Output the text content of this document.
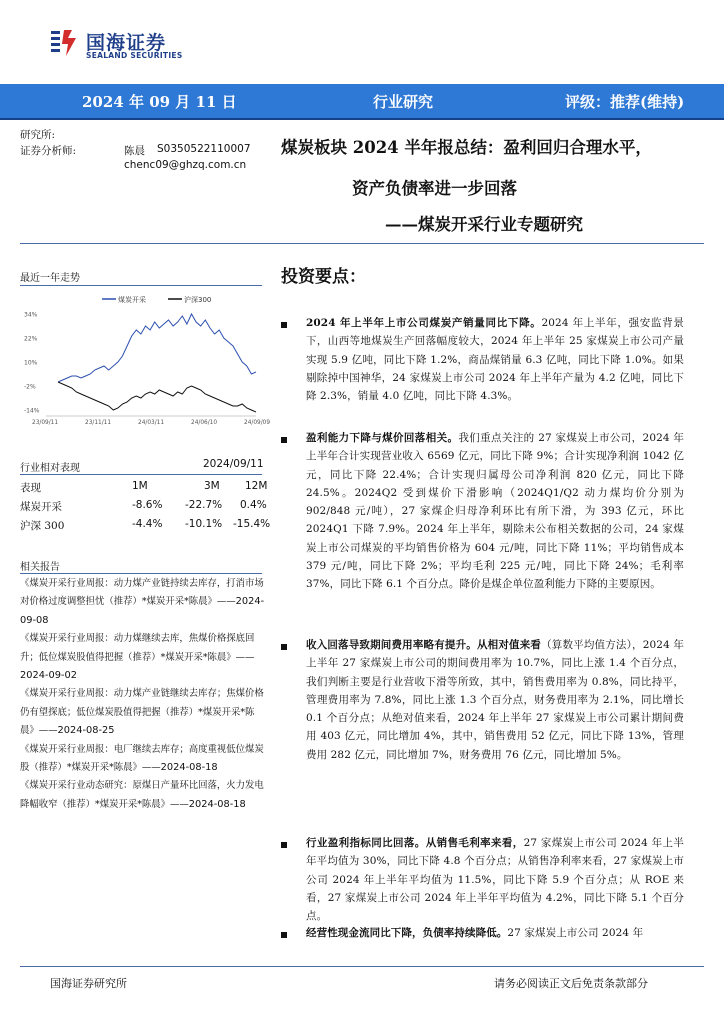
国海证券
SEALAND SECURITIES
2024 年 09 月 11 日	行业研究	评级：推荐(维持)
研究所:
证券分析师:	陈晨 S0350522110007
chenc09@ghzq.com.cn
煤炭板块 2024 半年报总结：盈利回归合理水平，
资产负债率进一步回落
——煤炭开采行业专题研究
最近一年走势
煤炭开采	沪深300
34%
22%
10%
-2%
-14%
23/09/11	23/11/11	24/03/11	24/06/10	24/09/09
行业相对表现	2024/09/11
表现	1M	3M 12M
煤炭开采	-8.6% -22.7% 0.4%
沪深 300	-4.4% -10.1% -15.4%
相关报告

《煤炭开采行业周报：动力煤产业链持续去库存，打消市场对价格过度调整担忧（推荐）*煤炭开采*陈晨》——2024-09-08

《煤炭开采行业周报：动力煤继续去库，焦煤价格探底回升；低位煤炭股值得把握（推荐）*煤炭开采*陈晨》——2024-09-02

《煤炭开采行业周报：动力煤产业链继续去库存；焦煤价格仍有望探底；低位煤炭股值得把握（推荐）*煤炭开采*陈晨》——2024-08-25

《煤炭开采行业周报：电厂继续去库存；高度重视低位煤炭股（推荐）*煤炭开采*陈晨》——2024-08-18

《煤炭开采行业动态研究：原煤日产量环比回落，火力发电降幅收窄（推荐）*煤炭开采*陈晨》——2024-08-18

投资要点：
2024 年上半年上市公司煤炭产销量同比下降。2024 年上半年，强安监背景下，山西等地煤炭生产回落幅度较大，2024 年上半年 25 家煤炭上市公司产量实现 5.9 亿吨，同比下降 1.2%，商品煤销量 6.3 亿吨，同比下降 1.0%。如果剔除掉中国神华，24 家煤炭上市公司 2024 年上半年产量为 4.2 亿吨，同比下降 2.3%，销量 4.0 亿吨，同比下降 4.3%。
盈利能力下降与煤价回落相关。我们重点关注的 27 家煤炭上市公司，2024 年上半年合计实现营业收入 6569 亿元，同比下降 9%；合计实现净利润 1042 亿元，同比下降 22.4%；合计实现归属母公司净利润 820 亿元，同比下降 24.5%。2024Q2 受到煤价下滑影响（2024Q1/Q2 动力煤均价分别为 902/848 元/吨），27 家煤企归母净利环比有所下滑，为 393 亿元，环比 2024Q1 下降 7.9%。2024 年上半年，剔除未公布相关数据的公司，24 家煤炭上市公司煤炭的平均销售价格为 604 元/吨，同比下降 11%；平均销售成本 379 元/吨，同比下降 2%；平均毛利 225 元/吨，同比下降 24%；毛利率 37%，同比下降 6.1 个百分点。降价是煤企单位盈利能力下降的主要原因。
收入回落导致期间费用率略有提升。从相对值来看（算数平均值方法），2024 年上半年 27 家煤炭上市公司的期间费用率为 10.7%，同比上涨 1.4 个百分点，我们判断主要是行业营收下滑等所致，其中，销售费用率为 0.8%，同比持平，管理费用率为 7.8%，同比上涨 1.3 个百分点，财务费用率为 2.1%，同比增长 0.1 个百分点；从绝对值来看，2024 年上半年 27 家煤炭上市公司累计期间费用 403 亿元，同比增加 4%，其中，销售费用 52 亿元，同比下降 13%，管理费用 282 亿元，同比增加 7%，财务费用 76 亿元，同比增加 5%。
行业盈利指标同比回落。从销售毛利率来看，27 家煤炭上市公司 2024 年上半年平均值为 30%，同比下降 4.8 个百分点；从销售净利率来看，27 家煤炭上市公司 2024 年上半年平均值为 11.5%，同比下降 5.9 个百分点；从 ROE 来看，27 家煤炭上市公司 2024 年上半年平均值为 4.2%，同比下降 5.1 个百分点。
经营性现金流同比下降，负债率持续降低。27 家煤炭上市公司 2024 年
国海证券研究所	请务必阅读正文后免责条款部分
